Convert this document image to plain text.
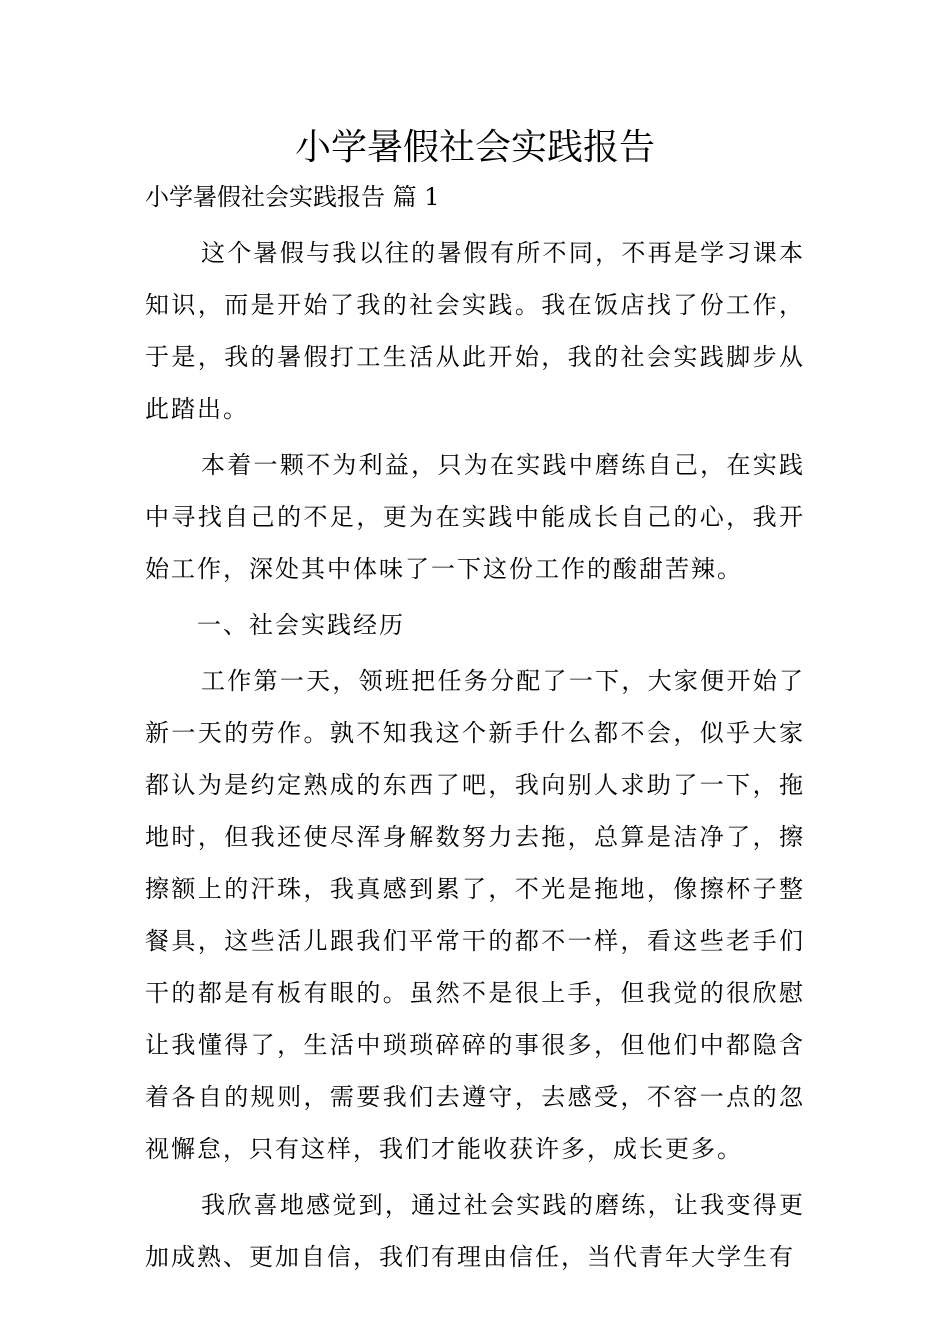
小学暑假社会实践报告
小学暑假社会实践报告 篇 1

这个暑假与我以往的暑假有所不同，不再是学习课本知识，而是开始了我的社会实践。我在饭店找了份工作，于是，我的暑假打工生活从此开始，我的社会实践脚步从此踏出。

本着一颗不为利益，只为在实践中磨练自己，在实践中寻找自己的不足，更为在实践中能成长自己的心，我开始工作，深处其中体味了一下这份工作的酸甜苦辣。

一、社会实践经历

工作第一天，领班把任务分配了一下，大家便开始了新一天的劳作。孰不知我这个新手什么都不会，似乎大家都认为是约定熟成的东西了吧，我向别人求助了一下，拖地时，但我还使尽浑身解数努力去拖，总算是洁净了，擦擦额上的汗珠，我真感到累了，不光是拖地，像擦杯子整餐具，这些活儿跟我们平常干的都不一样，看这些老手们干的都是有板有眼的。虽然不是很上手，但我觉的很欣慰让我懂得了，生活中琐琐碎碎的事很多，但他们中都隐含着各自的规则，需要我们去遵守，去感受，不容一点的忽视懈怠，只有这样，我们才能收获许多，成长更多。

我欣喜地感觉到，通过社会实践的磨练，让我变得更加成熟、更加自信，我们有理由信任，当代青年大学生有
